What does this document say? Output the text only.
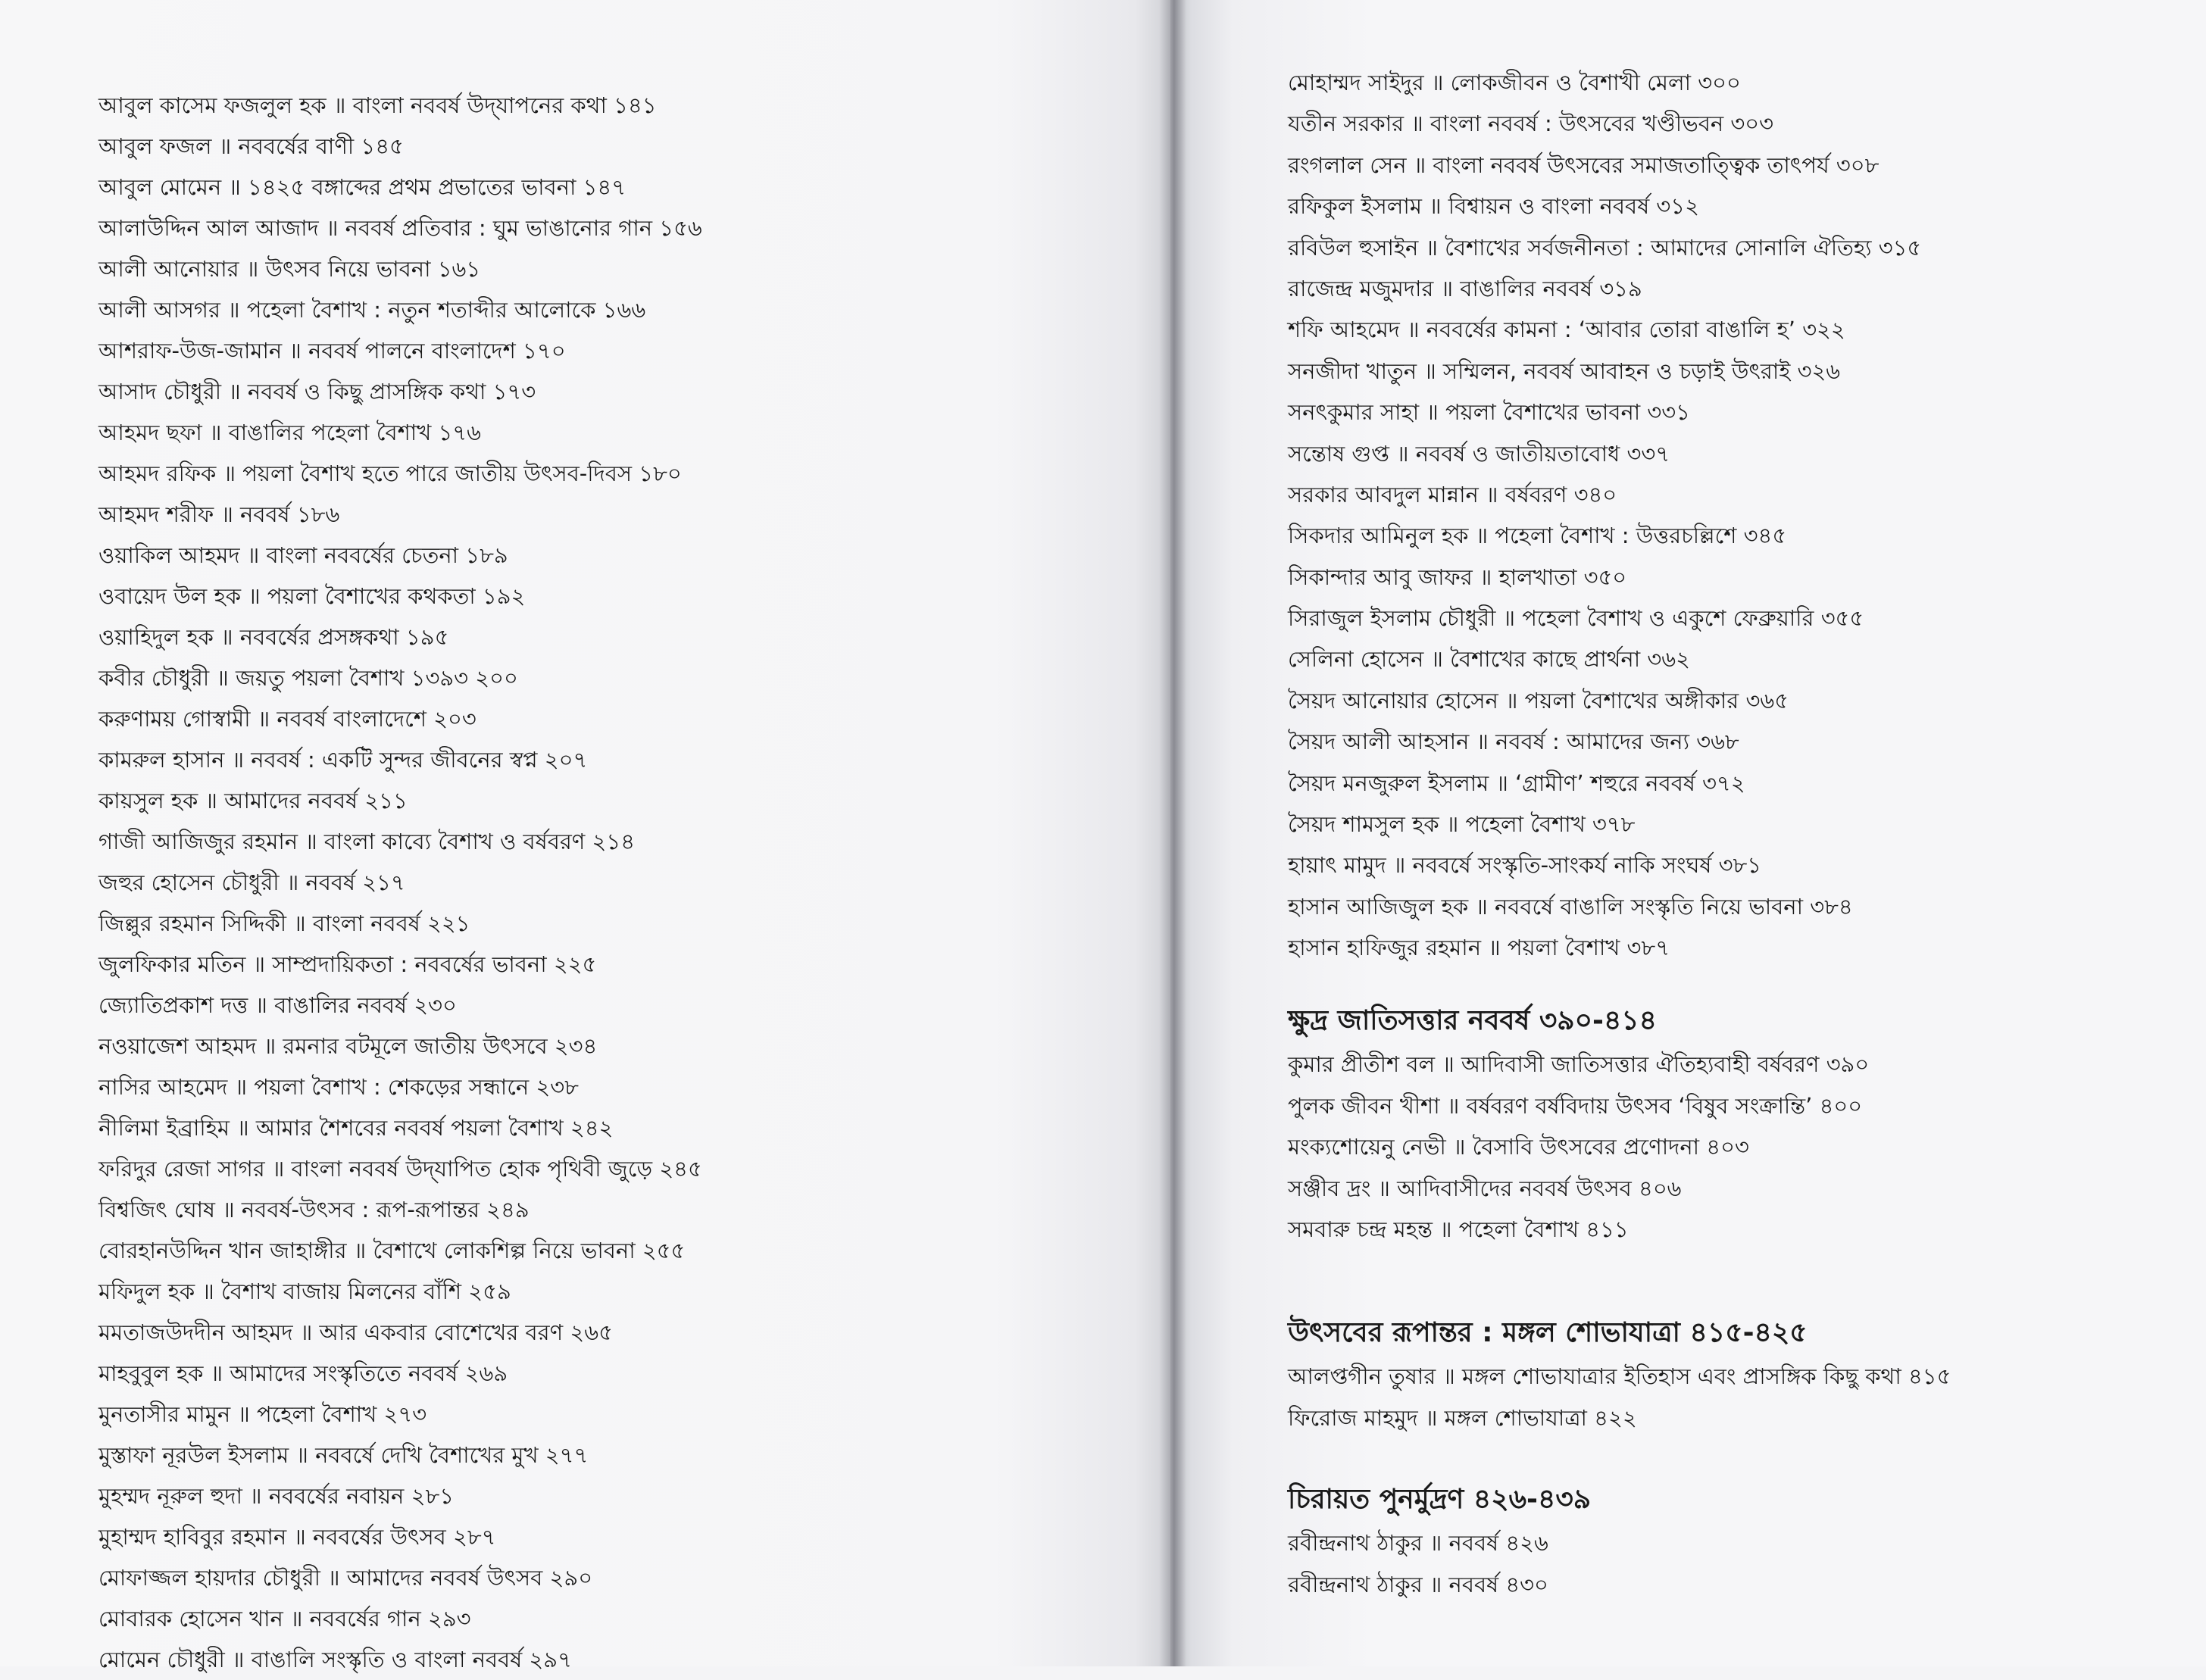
আবুল কাসেম ফজলুল হক ॥ বাংলা নববর্ষ উদ্‌যাপনের কথা ১৪১
আবুল ফজল ॥ নববর্ষের বাণী ১৪৫
আবুল মোমেন ॥ ১৪২৫ বঙ্গাব্দের প্রথম প্রভাতের ভাবনা ১৪৭
আলাউদ্দিন আল আজাদ ॥ নববর্ষ প্রতিবার : ঘুম ভাঙানোর গান ১৫৬
আলী আনোয়ার ॥ উৎসব নিয়ে ভাবনা ১৬১
আলী আসগর ॥ পহেলা বৈশাখ : নতুন শতাব্দীর আলোকে ১৬৬
আশরাফ-উজ-জামান ॥ নববর্ষ পালনে বাংলাদেশ ১৭০
আসাদ চৌধুরী ॥ নববর্ষ ও কিছু প্রাসঙ্গিক কথা ১৭৩
আহমদ ছফা ॥ বাঙালির পহেলা বৈশাখ ১৭৬
আহমদ রফিক ॥ পয়লা বৈশাখ হতে পারে জাতীয় উৎসব-দিবস ১৮০
আহমদ শরীফ ॥ নববর্ষ ১৮৬
ওয়াকিল আহমদ ॥ বাংলা নববর্ষের চেতনা ১৮৯
ওবায়েদ উল হক ॥ পয়লা বৈশাখের কথকতা ১৯২
ওয়াহিদুল হক ॥ নববর্ষের প্রসঙ্গকথা ১৯৫
কবীর চৌধুরী ॥ জয়তু পয়লা বৈশাখ ১৩৯৩ ২০০
করুণাময় গোস্বামী ॥ নববর্ষ বাংলাদেশে ২০৩
কামরুল হাসান ॥ নববর্ষ : একটি সুন্দর জীবনের স্বপ্ন ২০৭
কায়সুল হক ॥ আমাদের নববর্ষ ২১১
গাজী আজিজুর রহমান ॥ বাংলা কাব্যে বৈশাখ ও বর্ষবরণ ২১৪
জহুর হোসেন চৌধুরী ॥ নববর্ষ ২১৭
জিল্লুর রহমান সিদ্দিকী ॥ বাংলা নববর্ষ ২২১
জুলফিকার মতিন ॥ সাম্প্রদায়িকতা : নববর্ষের ভাবনা ২২৫
জ্যোতিপ্রকাশ দত্ত ॥ বাঙালির নববর্ষ ২৩০
নওয়াজেশ আহমদ ॥ রমনার বটমূলে জাতীয় উৎসবে ২৩৪
নাসির আহমেদ ॥ পয়লা বৈশাখ : শেকড়ের সন্ধানে ২৩৮
নীলিমা ইব্রাহিম ॥ আমার শৈশবের নববর্ষ পয়লা বৈশাখ ২৪২
ফরিদুর রেজা সাগর ॥ বাংলা নববর্ষ উদ্‌যাপিত হোক পৃথিবী জুড়ে ২৪৫
বিশ্বজিৎ ঘোষ ॥ নববর্ষ-উৎসব : রূপ-রূপান্তর ২৪৯
বোরহানউদ্দিন খান জাহাঙ্গীর ॥ বৈশাখে লোকশিল্প নিয়ে ভাবনা ২৫৫
মফিদুল হক ॥ বৈশাখ বাজায় মিলনের বাঁশি ২৫৯
মমতাজউদদীন আহমদ ॥ আর একবার বোশেখের বরণ ২৬৫
মাহবুবুল হক ॥ আমাদের সংস্কৃতিতে নববর্ষ ২৬৯
মুনতাসীর মামুন ॥ পহেলা বৈশাখ ২৭৩
মুস্তাফা নূরউল ইসলাম ॥ নববর্ষে দেখি বৈশাখের মুখ ২৭৭
মুহম্মদ নূরুল হুদা ॥ নববর্ষের নবায়ন ২৮১
মুহাম্মদ হাবিবুর রহমান ॥ নববর্ষের উৎসব ২৮৭
মোফাজ্জল হায়দার চৌধুরী ॥ আমাদের নববর্ষ উৎসব ২৯০
মোবারক হোসেন খান ॥ নববর্ষের গান ২৯৩
মোমেন চৌধুরী ॥ বাঙালি সংস্কৃতি ও বাংলা নববর্ষ ২৯৭
মোহাম্মদ সাইদুর ॥ লোকজীবন ও বৈশাখী মেলা ৩০০
যতীন সরকার ॥ বাংলা নববর্ষ : উৎসবের খণ্ডীভবন ৩০৩
রংগলাল সেন ॥ বাংলা নববর্ষ উৎসবের সমাজতাত্ত্বিক তাৎপর্য ৩০৮
রফিকুল ইসলাম ॥ বিশ্বায়ন ও বাংলা নববর্ষ ৩১২
রবিউল হুসাইন ॥ বৈশাখের সর্বজনীনতা : আমাদের সোনালি ঐতিহ্য ৩১৫
রাজেন্দ্র মজুমদার ॥ বাঙালির নববর্ষ ৩১৯
শফি আহমেদ ॥ নববর্ষের কামনা : ‘আবার তোরা বাঙালি হ’ ৩২২
সনজীদা খাতুন ॥ সম্মিলন, নববর্ষ আবাহন ও চড়াই উৎরাই ৩২৬
সনৎকুমার সাহা ॥ পয়লা বৈশাখের ভাবনা ৩৩১
সন্তোষ গুপ্ত ॥ নববর্ষ ও জাতীয়তাবোধ ৩৩৭
সরকার আবদুল মান্নান ॥ বর্ষবরণ ৩৪০
সিকদার আমিনুল হক ॥ পহেলা বৈশাখ : উত্তরচল্লিশে ৩৪৫
সিকান্দার আবু জাফর ॥ হালখাতা ৩৫০
সিরাজুল ইসলাম চৌধুরী ॥ পহেলা বৈশাখ ও একুশে ফেব্রুয়ারি ৩৫৫
সেলিনা হোসেন ॥ বৈশাখের কাছে প্রার্থনা ৩৬২
সৈয়দ আনোয়ার হোসেন ॥ পয়লা বৈশাখের অঙ্গীকার ৩৬৫
সৈয়দ আলী আহসান ॥ নববর্ষ : আমাদের জন্য ৩৬৮
সৈয়দ মনজুরুল ইসলাম ॥ ‘গ্রামীণ’ শহুরে নববর্ষ ৩৭২
সৈয়দ শামসুল হক ॥ পহেলা বৈশাখ ৩৭৮
হায়াৎ মামুদ ॥ নববর্ষে সংস্কৃতি-সাংকর্য নাকি সংঘর্ষ ৩৮১
হাসান আজিজুল হক ॥ নববর্ষে বাঙালি সংস্কৃতি নিয়ে ভাবনা ৩৮৪
হাসান হাফিজুর রহমান ॥ পয়লা বৈশাখ ৩৮৭
ক্ষুদ্র জাতিসত্তার নববর্ষ ৩৯০-৪১৪
কুমার প্রীতীশ বল ॥ আদিবাসী জাতিসত্তার ঐতিহ্যবাহী বর্ষবরণ ৩৯০
পুলক জীবন খীশা ॥ বর্ষবরণ বর্ষবিদায় উৎসব ‘বিষুব সংক্রান্তি’ ৪০০
মংক্যশোয়েনু নেভী ॥ বৈসাবি উৎসবের প্রণোদনা ৪০৩
সঞ্জীব দ্রং ॥ আদিবাসীদের নববর্ষ উৎসব ৪০৬
সমবারু চন্দ্র মহন্ত ॥ পহেলা বৈশাখ ৪১১
উৎসবের রূপান্তর : মঙ্গল শোভাযাত্রা ৪১৫-৪২৫
আলপ্তগীন তুষার ॥ মঙ্গল শোভাযাত্রার ইতিহাস এবং প্রাসঙ্গিক কিছু কথা ৪১৫
ফিরোজ মাহমুদ ॥ মঙ্গল শোভাযাত্রা ৪২২
চিরায়ত পুনর্মুদ্রণ ৪২৬-৪৩৯
রবীন্দ্রনাথ ঠাকুর ॥ নববর্ষ ৪২৬
রবীন্দ্রনাথ ঠাকুর ॥ নববর্ষ ৪৩০
